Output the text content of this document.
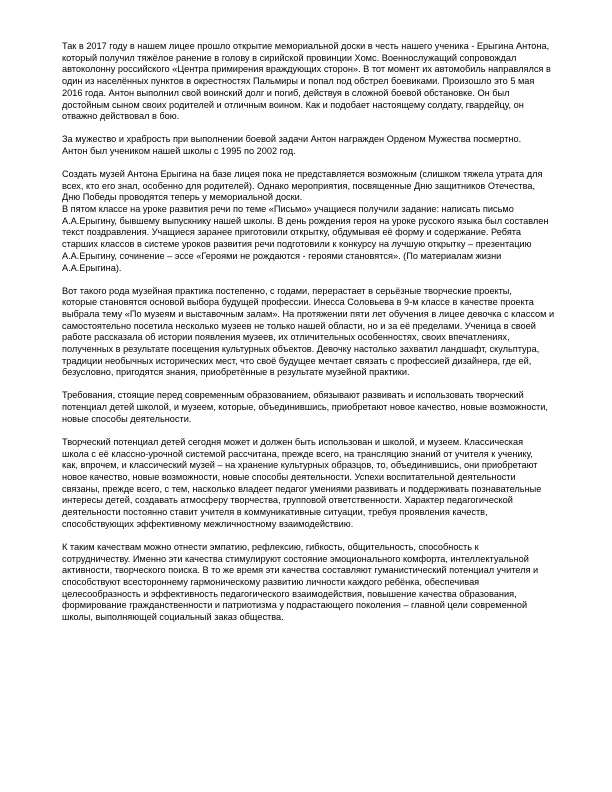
Так в 2017 году в нашем лицее прошло открытие мемориальной доски в честь нашего ученика - Ерыгина Антона,
который получил тяжёлое ранение в голову в сирийской провинции Хомс. Военнослужащий сопровождал
автоколонну российского «Центра примирения враждующих сторон». В тот момент их автомобиль направлялся в
один из населённых пунктов в окрестностях Пальмиры и попал под обстрел боевиками. Произошло это 5 мая
2016 года. Антон выполнил свой воинский долг и погиб, действуя в сложной боевой обстановке. Он был
достойным сыном своих родителей и отличным воином. Как и подобает настоящему солдату, гвардейцу, он
отважно действовал в бою.

За мужество и храбрость при выполнении боевой задачи Антон награжден Орденом Мужества посмертно.
Антон был учеником нашей школы с 1995 по 2002 год.

Создать музей Антона Ерыгина на базе лицея пока не представляется возможным (слишком тяжела утрата для
всех, кто его знал, особенно для родителей). Однако мероприятия, посвященные Дню защитников Отечества,
Дню Победы проводятся теперь у мемориальной доски.

В пятом классе на уроке развития речи по теме «Письмо» учащиеся получили задание: написать письмо
А.А.Ерыгину, бывшему выпускнику нашей школы. В день рождения героя на уроке русского языка был составлен
текст поздравления. Учащиеся заранее приготовили открытку, обдумывая её форму и содержание. Ребята
старших классов в системе уроков развития речи подготовили к конкурсу на лучшую открытку – презентацию
А.А.Ерыгину, сочинение – эссе «Героями не рождаются - героями становятся». (По материалам жизни
А.А.Ерыгина).

Вот такого рода музейная практика постепенно, с годами, перерастает в серьёзные творческие проекты,
которые становятся основой выбора будущей профессии. Инесса Соловьева в 9-м классе в качестве проекта
выбрала тему «По музеям и выставочным залам». На протяжении пяти лет обучения в лицее девочка с классом и
самостоятельно посетила несколько музеев не только нашей области, но и за её пределами. Ученица в своей
работе рассказала об истории появления музеев, их отличительных особенностях, своих впечатлениях,
полученных в результате посещения культурных объектов. Девочку настолько захватил ландшафт, скульптура,
традиции необычных исторических мест, что своё будущее мечтает связать с профессией дизайнера, где ей,
безусловно, пригодятся знания, приобретённые в результате музейной практики.

Требования, стоящие перед современным образованием, обязывают развивать и использовать творческий
потенциал детей школой, и музеем, которые, объединившись, приобретают новое качество, новые возможности,
новые способы деятельности.

Творческий потенциал детей сегодня может и должен быть использован и школой, и музеем. Классическая
школа с её классно-урочной системой рассчитана, прежде всего, на трансляцию знаний от учителя к ученику,
как, впрочем, и классический музей – на хранение культурных образцов, то, объединившись, они приобретают
новое качество, новые возможности, новые способы деятельности. Успехи воспитательной деятельности
связаны, прежде всего, с тем, насколько владеет педагог умениями развивать и поддерживать познавательные
интересы детей, создавать атмосферу творчества, групповой ответственности. Характер педагогической
деятельности постоянно ставит учителя в коммуникативные ситуации, требуя проявления качеств,
способствующих эффективному межличностному взаимодействию.

К таким качествам можно отнести эмпатию, рефлексию, гибкость, общительность, способность к
сотрудничеству. Именно эти качества стимулируют состояние эмоционального комфорта, интеллектуальной
активности, творческого поиска. В то же время эти качества составляют гуманистический потенциал учителя и
способствуют всестороннему гармоническому развитию личности каждого ребёнка, обеспечивая
целесообразность и эффективность педагогического взаимодействия, повышение качества образования,
формирование гражданственности и патриотизма у подрастающего поколения – главной цели современной
школы, выполняющей социальный заказ общества.
